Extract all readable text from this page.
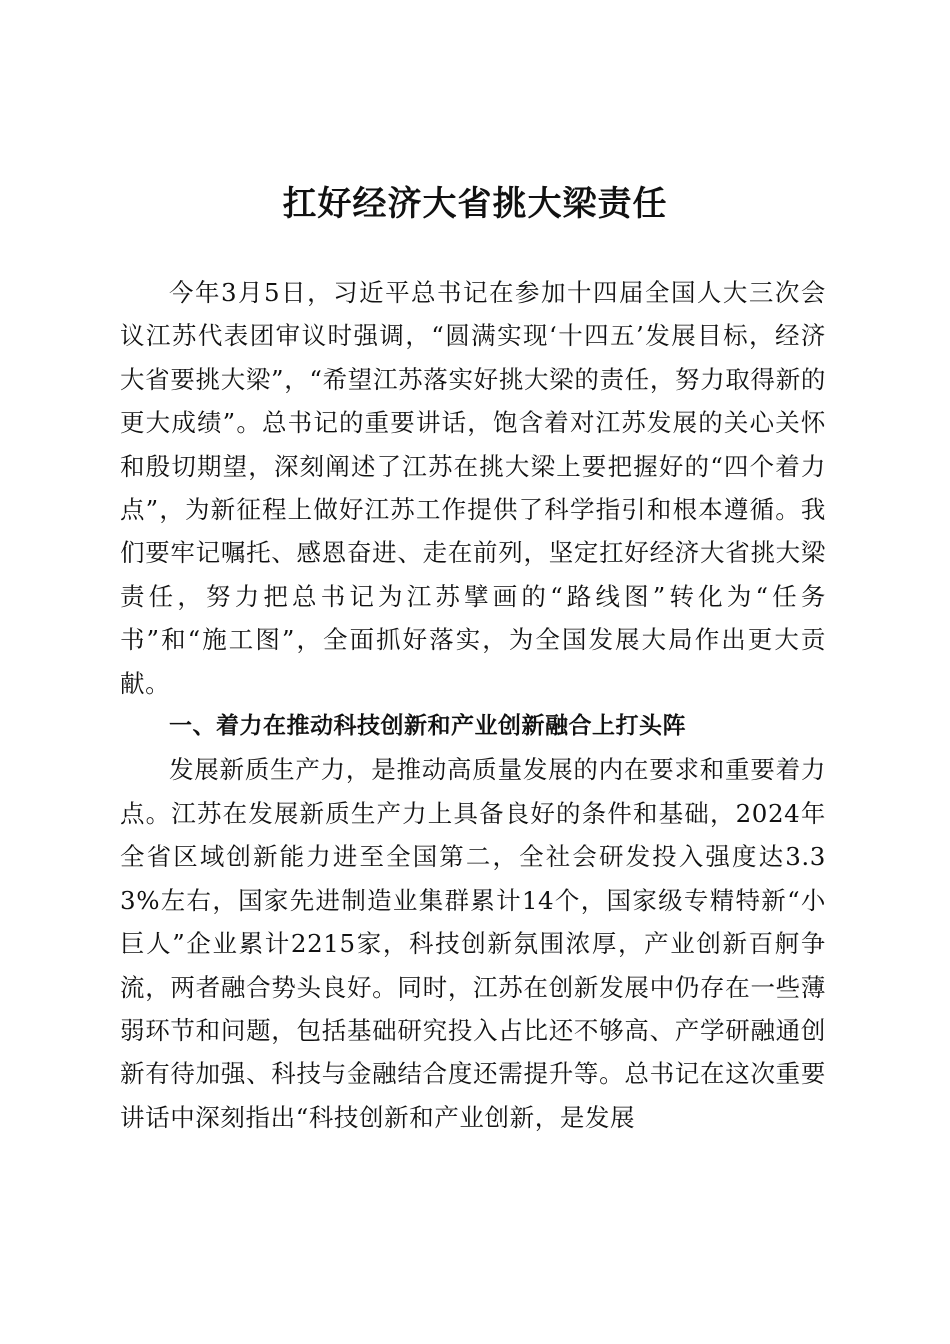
扛好经济大省挑大梁责任

今年3月5日，习近平总书记在参加十四届全国人大三次会议江苏代表团审议时强调，“圆满实现‘十四五’发展目标，经济大省要挑大梁”，“希望江苏落实好挑大梁的责任，努力取得新的更大成绩”。总书记的重要讲话，饱含着对江苏发展的关心关怀和殷切期望，深刻阐述了江苏在挑大梁上要把握好的“四个着力点”，为新征程上做好江苏工作提供了科学指引和根本遵循。我们要牢记嘱托、感恩奋进、走在前列，坚定扛好经济大省挑大梁责任，努力把总书记为江苏擘画的“路线图”转化为“任务书”和“施工图”，全面抓好落实，为全国发展大局作出更大贡献。

一、着力在推动科技创新和产业创新融合上打头阵

发展新质生产力，是推动高质量发展的内在要求和重要着力点。江苏在发展新质生产力上具备良好的条件和基础，2024年全省区域创新能力进至全国第二，全社会研发投入强度达3.33%左右，国家先进制造业集群累计14个，国家级专精特新“小巨人”企业累计2215家，科技创新氛围浓厚，产业创新百舸争流，两者融合势头良好。同时，江苏在创新发展中仍存在一些薄弱环节和问题，包括基础研究投入占比还不够高、产学研融通创新有待加强、科技与金融结合度还需提升等。总书记在这次重要讲话中深刻指出“科技创新和产业创新，是发展
